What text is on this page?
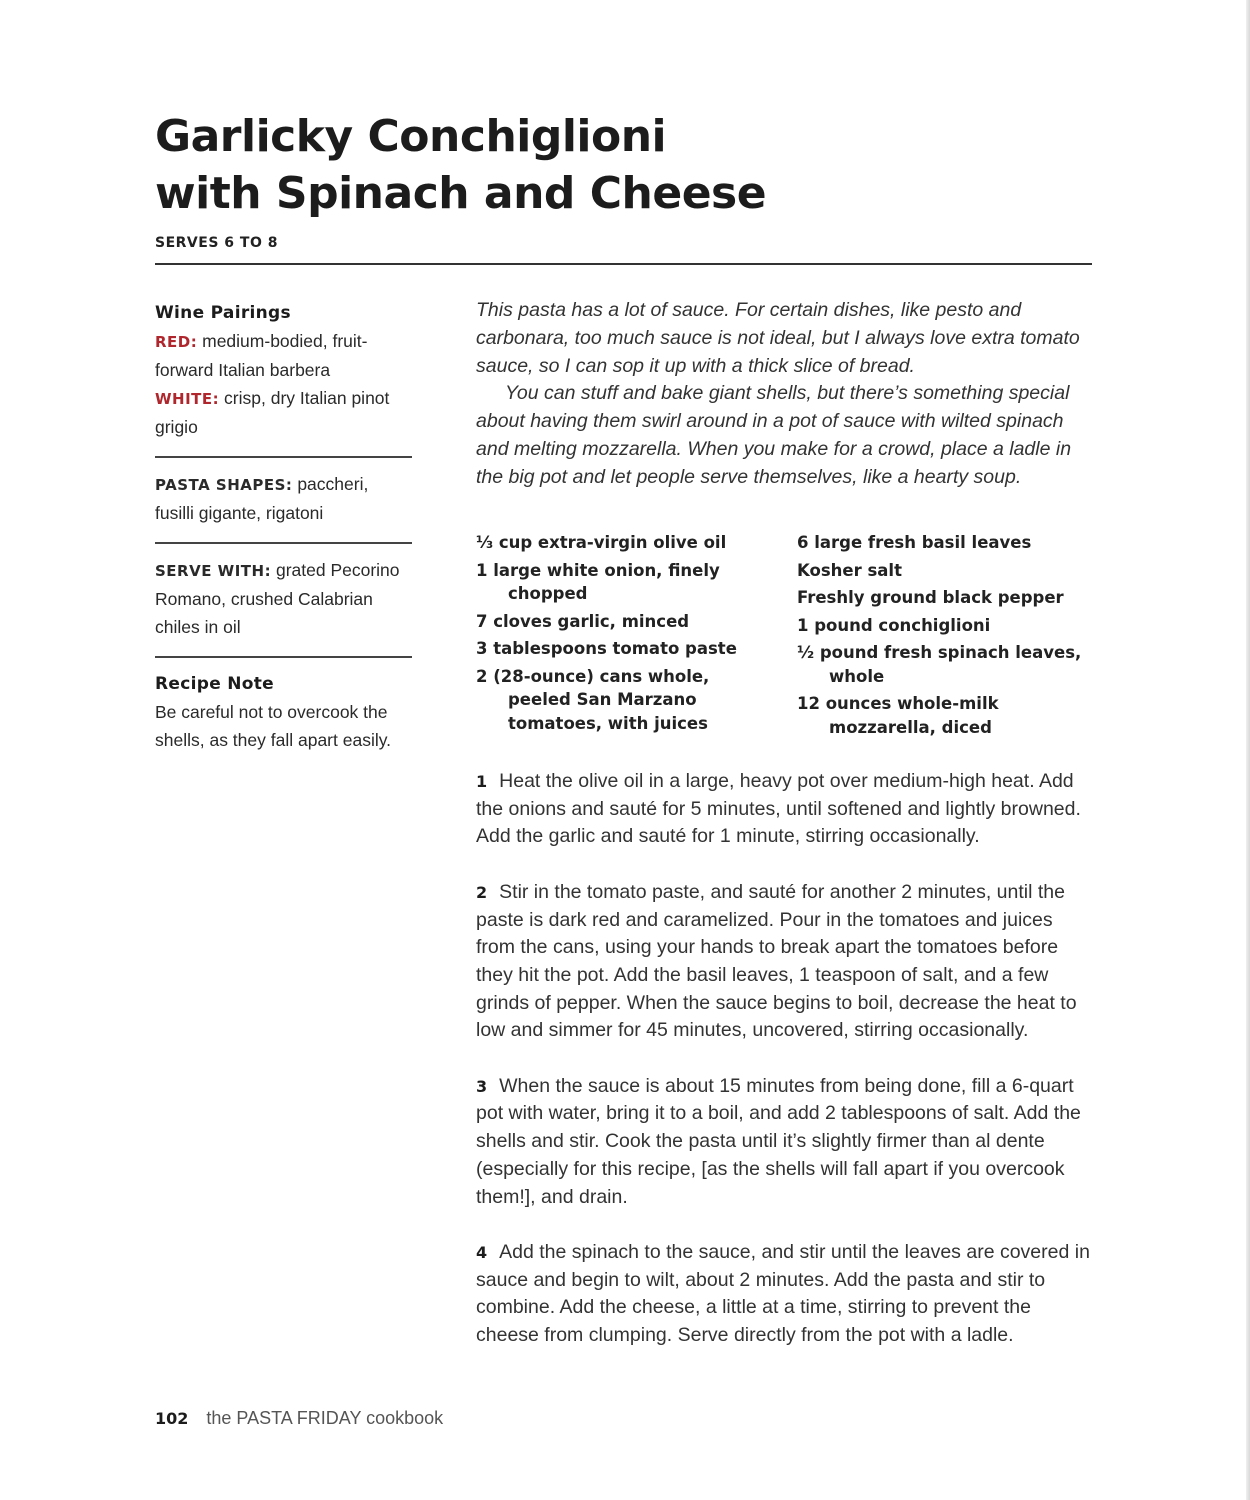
Garlicky Conchiglioni
with Spinach and Cheese
SERVES 6 TO 8
Wine Pairings
RED: medium-bodied, fruit-forward Italian barbera
WHITE: crisp, dry Italian pinot grigio
PASTA SHAPES: paccheri, fusilli gigante, rigatoni
SERVE WITH: grated Pecorino Romano, crushed Calabrian chiles in oil
Recipe Note
Be careful not to overcook the shells, as they fall apart easily.

This pasta has a lot of sauce. For certain dishes, like pesto and carbonara, too much sauce is not ideal, but I always love extra tomato sauce, so I can sop it up with a thick slice of bread.

You can stuff and bake giant shells, but there’s something special about having them swirl around in a pot of sauce with wilted spinach and melting mozzarella. When you make for a crowd, place a ladle in the big pot and let people serve themselves, like a hearty soup.

⅓ cup extra-virgin olive oil
1 large white onion, finely chopped
7 cloves garlic, minced
3 tablespoons tomato paste
2 (28-ounce) cans whole, peeled San Marzano tomatoes, with juices
6 large fresh basil leaves
Kosher salt
Freshly ground black pepper
1 pound conchiglioni
½ pound fresh spinach leaves, whole
12 ounces whole-milk mozzarella, diced

1 Heat the olive oil in a large, heavy pot over medium-high heat. Add the onions and sauté for 5 minutes, until softened and lightly browned. Add the garlic and sauté for 1 minute, stirring occasionally.

2 Stir in the tomato paste, and sauté for another 2 minutes, until the paste is dark red and caramelized. Pour in the tomatoes and juices from the cans, using your hands to break apart the tomatoes before they hit the pot. Add the basil leaves, 1 teaspoon of salt, and a few grinds of pepper. When the sauce begins to boil, decrease the heat to low and simmer for 45 minutes, uncovered, stirring occasionally.

3 When the sauce is about 15 minutes from being done, fill a 6-quart pot with water, bring it to a boil, and add 2 tablespoons of salt. Add the shells and stir. Cook the pasta until it’s slightly firmer than al dente (especially for this recipe, [as the shells will fall apart if you overcook them!], and drain.

4 Add the spinach to the sauce, and stir until the leaves are covered in sauce and begin to wilt, about 2 minutes. Add the pasta and stir to combine. Add the cheese, a little at a time, stirring to prevent the cheese from clumping. Serve directly from the pot with a ladle.

102 the PASTA FRIDAY cookbook
